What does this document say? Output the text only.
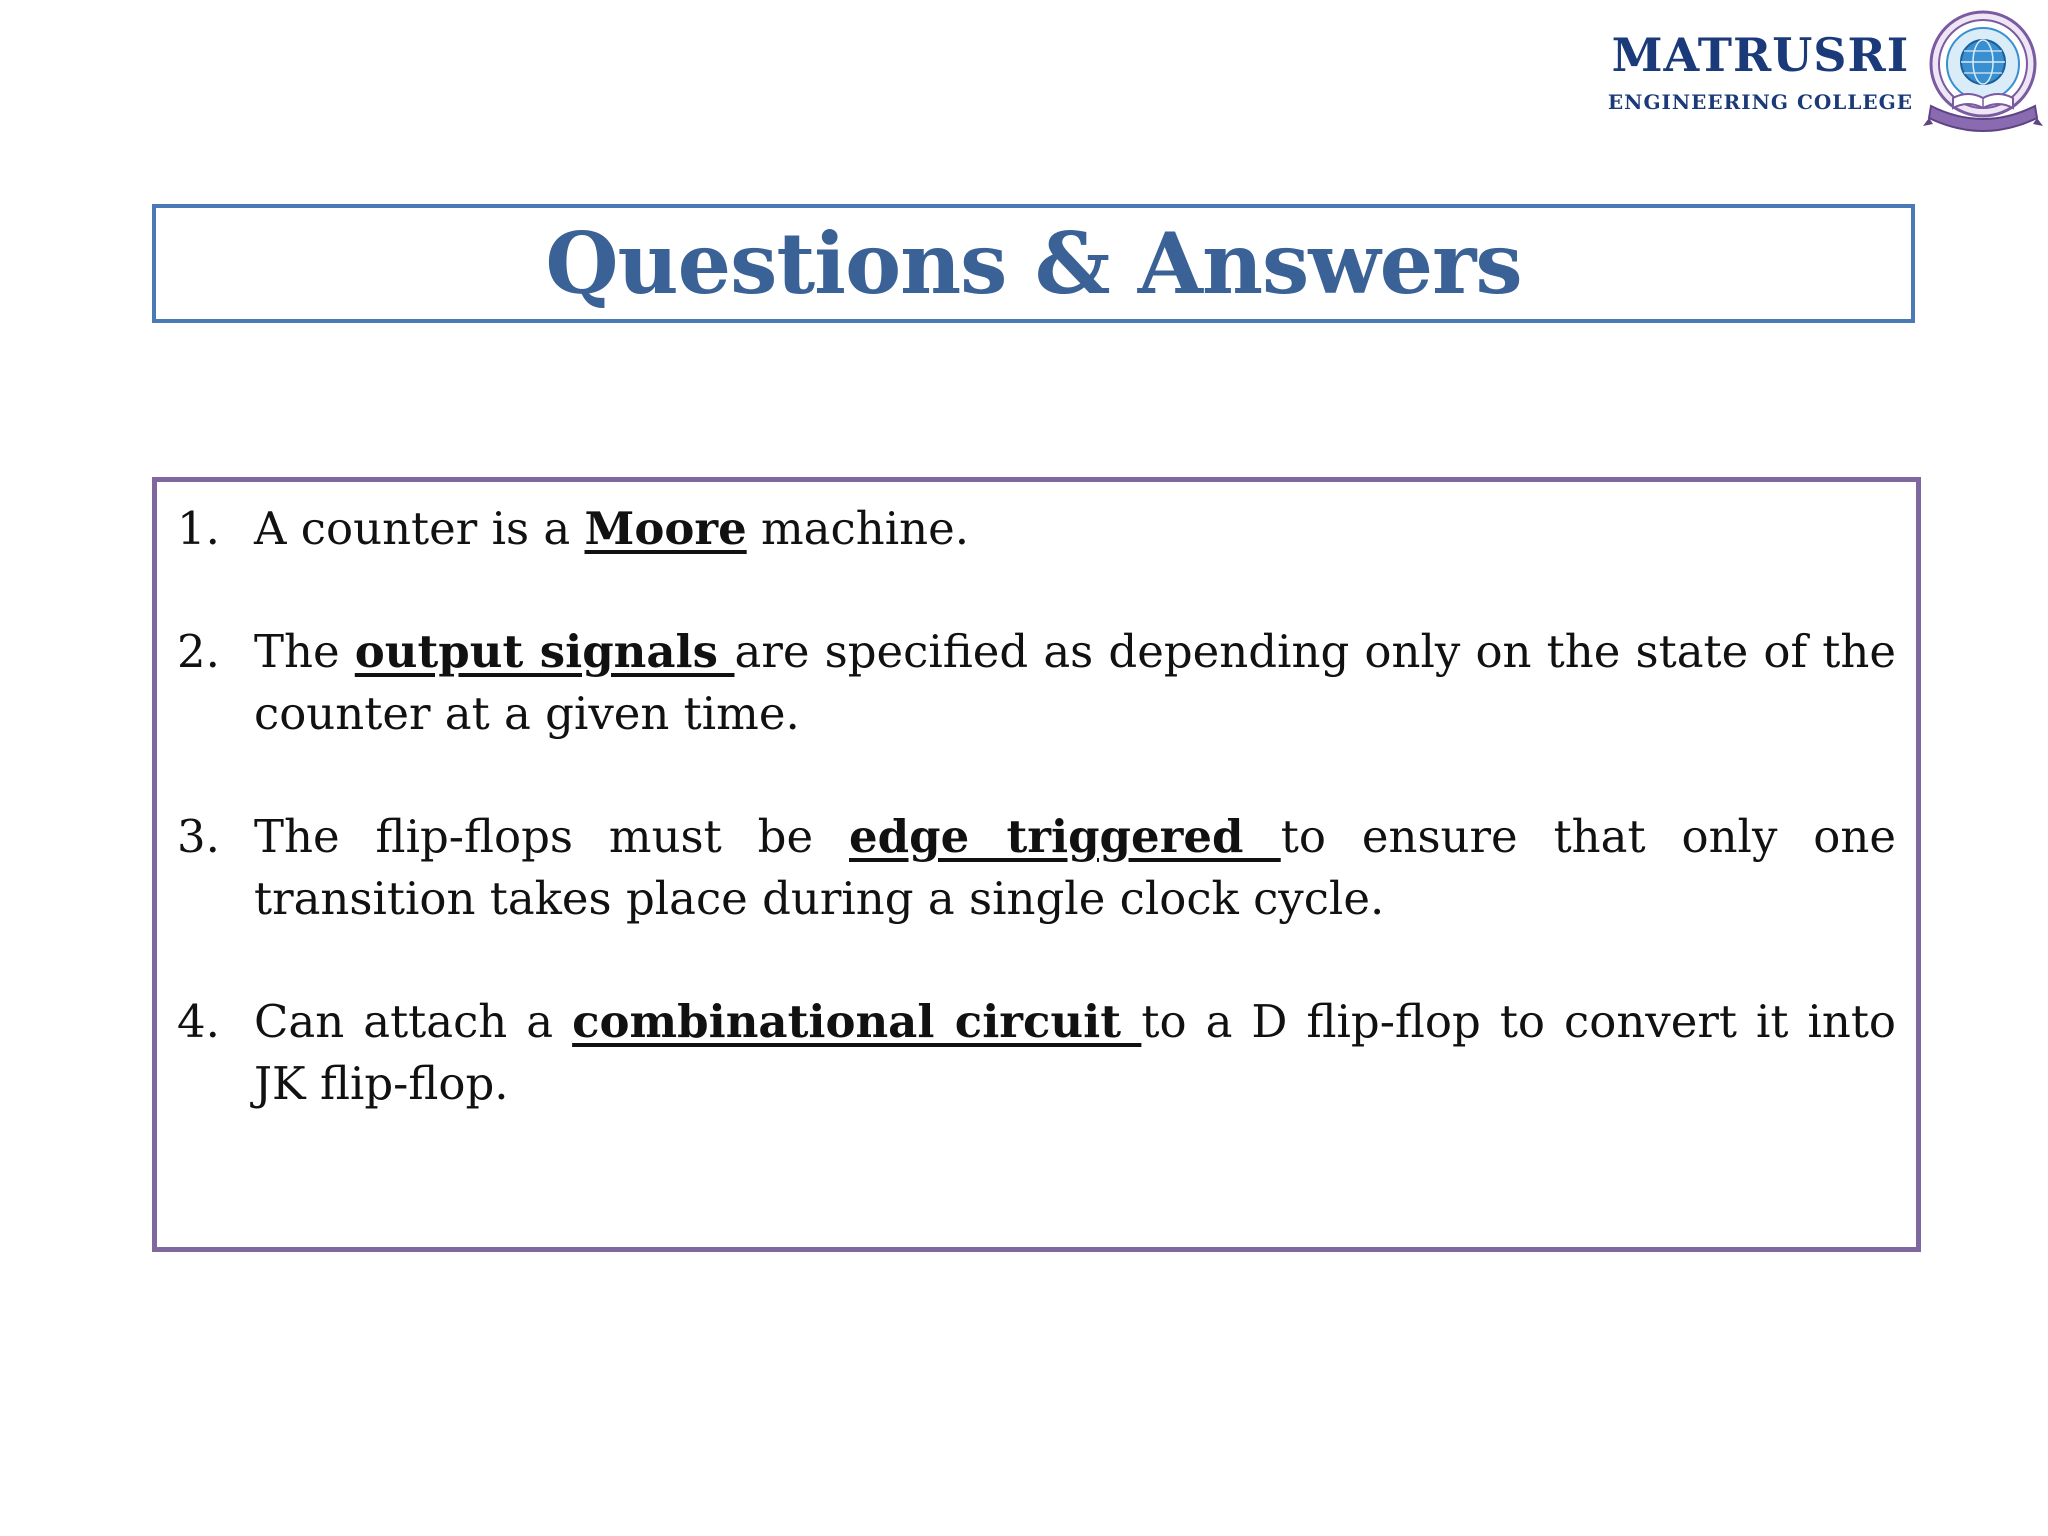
MATRUSRI
ENGINEERING COLLEGE
Questions & Answers
1. A counter is a Moore machine.
2. The output signals are specified as depending only on the state of the counter at a given time.
3. The flip-flops must be edge triggered to ensure that only one transition takes place during a single clock cycle.
4. Can attach a combinational circuit to a D flip-flop to convert it into JK flip-flop.
